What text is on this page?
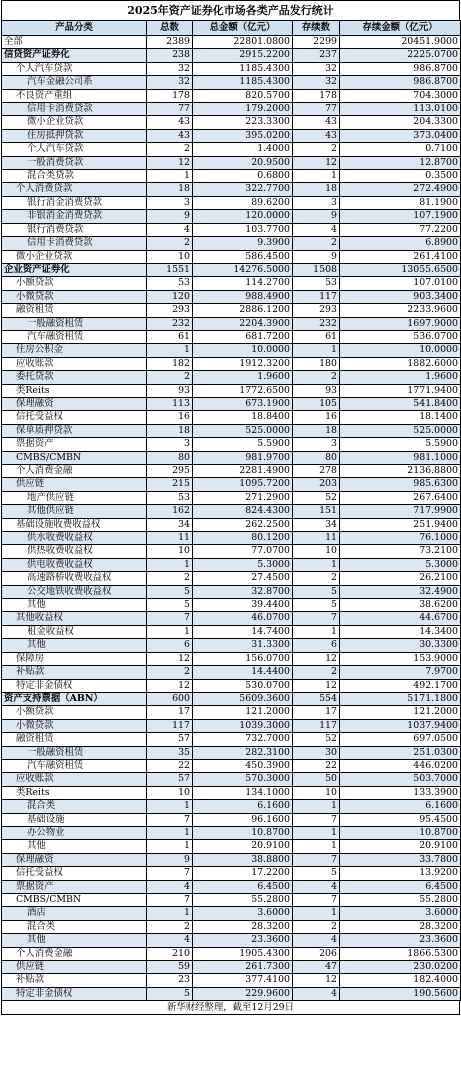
2025年资产证券化市场各类产品发行统计
产品分类	总数	总金额（亿元）	存续数	存续金额（亿元）
全部	2389	22801.0800	2299	20451.9000
信贷资产证券化	238	2915.2200	237	2225.0700
个人汽车贷款	32	1185.4300	32	986.8700
汽车金融公司系	32	1185.4300	32	986.8700
不良资产重组	178	820.5700	178	704.3000
信用卡消费贷款	77	179.2000	77	113.0100
微小企业贷款	43	223.3300	43	204.3300
住房抵押贷款	43	395.0200	43	373.0400
个人汽车贷款	2	1.4000	2	0.7100
一般消费贷款	12	20.9500	12	12.8700
混合类贷款	1	0.6800	1	0.3500
个人消费贷款	18	322.7700	18	272.4900
银行消金消费贷款	3	89.6200	3	81.1900
非银消金消费贷款	9	120.0000	9	107.1900
银行消费贷款	4	103.7700	4	77.2200
信用卡消费贷款	2	9.3900	2	6.8900
微小企业贷款	10	586.4500	9	261.4100
企业资产证券化	1551	14276.5000	1508	13055.6500
小额贷款	53	114.2700	53	107.0100
小微贷款	120	988.4900	117	903.3400
融资租赁	293	2886.1200	293	2233.9600
一般融资租赁	232	2204.3900	232	1697.9000
汽车融资租赁	61	681.7200	61	536.0700
住房公积金	1	10.0000	1	10.0000
应收账款	182	1912.3200	180	1882.6000
委托贷款	2	1.9600	2	1.9600
类Reits	93	1772.6500	93	1771.9400
保理融资	113	673.1900	105	541.8400
信托受益权	16	18.8400	16	18.1400
保单质押贷款	18	525.0000	18	525.0000
票据资产	3	5.5900	3	5.5900
CMBS/CMBN	80	981.9700	80	981.1000
个人消费金融	295	2281.4900	278	2136.8800
供应链	215	1095.7200	203	985.6300
地产供应链	53	271.2900	52	267.6400
其他供应链	162	824.4300	151	717.9900
基础设施收费收益权	34	262.2500	34	251.9400
供水收费收益权	11	80.1200	11	76.1000
供热收费收益权	10	77.0700	10	73.2100
供电收费收益权	1	5.3000	1	5.3000
高速路桥收费收益权	2	27.4500	2	26.2100
公交地铁收费收益权	5	32.8700	5	32.4900
其他	5	39.4400	5	38.6200
其他收益权	7	46.0700	7	44.6700
租金收益权	1	14.7400	1	14.3400
其他	6	31.3300	6	30.3300
保障房	12	156.0700	12	153.9000
补贴款	2	14.4400	2	7.9700
特定非金债权	12	530.0700	12	492.1700
资产支持票据（ABN）	600	5609.3600	554	5171.1800
小额贷款	17	121.2000	17	121.2000
小微贷款	117	1039.3000	117	1037.9400
融资租赁	57	732.7000	52	697.0500
一般融资租赁	35	282.3100	30	251.0300
汽车融资租赁	22	450.3900	22	446.0200
应收账款	57	570.3000	50	503.7000
类Reits	10	134.1000	10	133.3900
混合类	1	6.1600	1	6.1600
基础设施	7	96.1600	7	95.4500
办公物业	1	10.8700	1	10.8700
其他	1	20.9100	1	20.9100
保理融资	9	38.8800	7	33.7800
信托受益权	7	17.2200	5	13.9200
票据资产	4	6.4500	4	6.4500
CMBS/CMBN	7	55.2800	7	55.2800
酒店	1	3.6000	1	3.6000
混合类	2	28.3200	2	28.3200
其他	4	23.3600	4	23.3600
个人消费金融	210	1905.4300	206	1866.5300
供应链	59	261.7300	47	230.0200
补贴款	23	377.4100	12	182.4000
特定非金债权	5	229.9600	4	190.5600
新华财经整理，截至12月29日
